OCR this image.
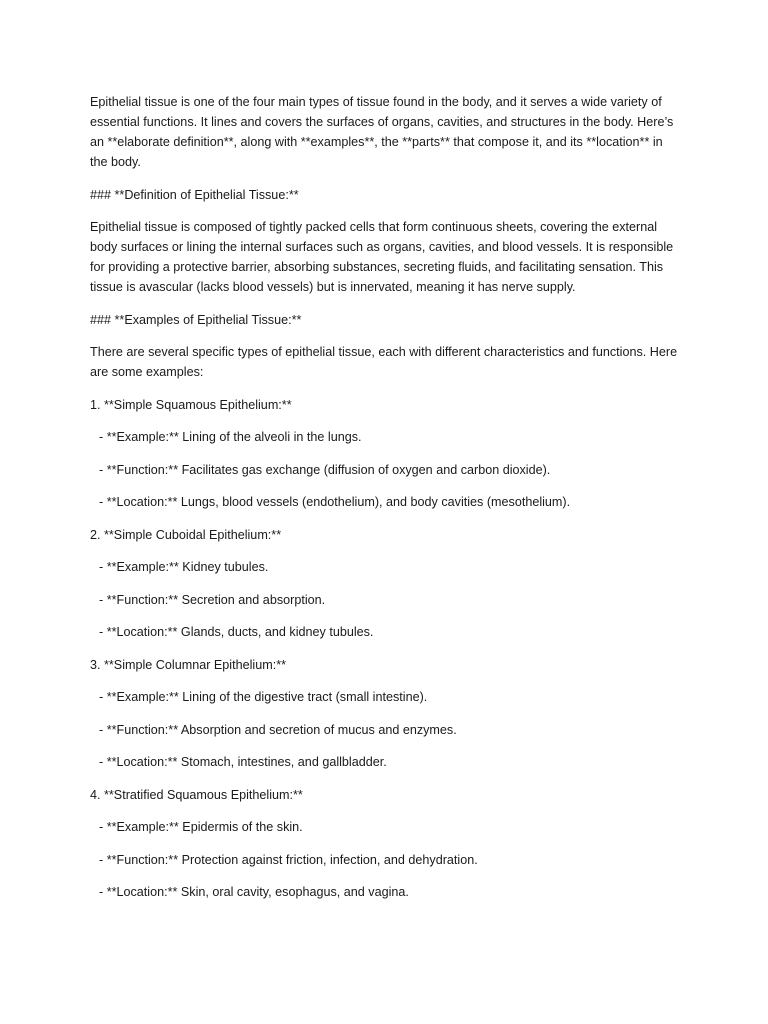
Epithelial tissue is one of the four main types of tissue found in the body, and it serves a wide variety of essential functions. It lines and covers the surfaces of organs, cavities, and structures in the body. Here’s an **elaborate definition**, along with **examples**, the **parts** that compose it, and its **location** in the body.

### **Definition of Epithelial Tissue:**

Epithelial tissue is composed of tightly packed cells that form continuous sheets, covering the external body surfaces or lining the internal surfaces such as organs, cavities, and blood vessels. It is responsible for providing a protective barrier, absorbing substances, secreting fluids, and facilitating sensation. This tissue is avascular (lacks blood vessels) but is innervated, meaning it has nerve supply.

### **Examples of Epithelial Tissue:**

There are several specific types of epithelial tissue, each with different characteristics and functions. Here are some examples:

1. **Simple Squamous Epithelium:**

- **Example:** Lining of the alveoli in the lungs.

- **Function:** Facilitates gas exchange (diffusion of oxygen and carbon dioxide).

- **Location:** Lungs, blood vessels (endothelium), and body cavities (mesothelium).

2. **Simple Cuboidal Epithelium:**

- **Example:** Kidney tubules.

- **Function:** Secretion and absorption.

- **Location:** Glands, ducts, and kidney tubules.

3. **Simple Columnar Epithelium:**

- **Example:** Lining of the digestive tract (small intestine).

- **Function:** Absorption and secretion of mucus and enzymes.

- **Location:** Stomach, intestines, and gallbladder.

4. **Stratified Squamous Epithelium:**

- **Example:** Epidermis of the skin.

- **Function:** Protection against friction, infection, and dehydration.

- **Location:** Skin, oral cavity, esophagus, and vagina.
